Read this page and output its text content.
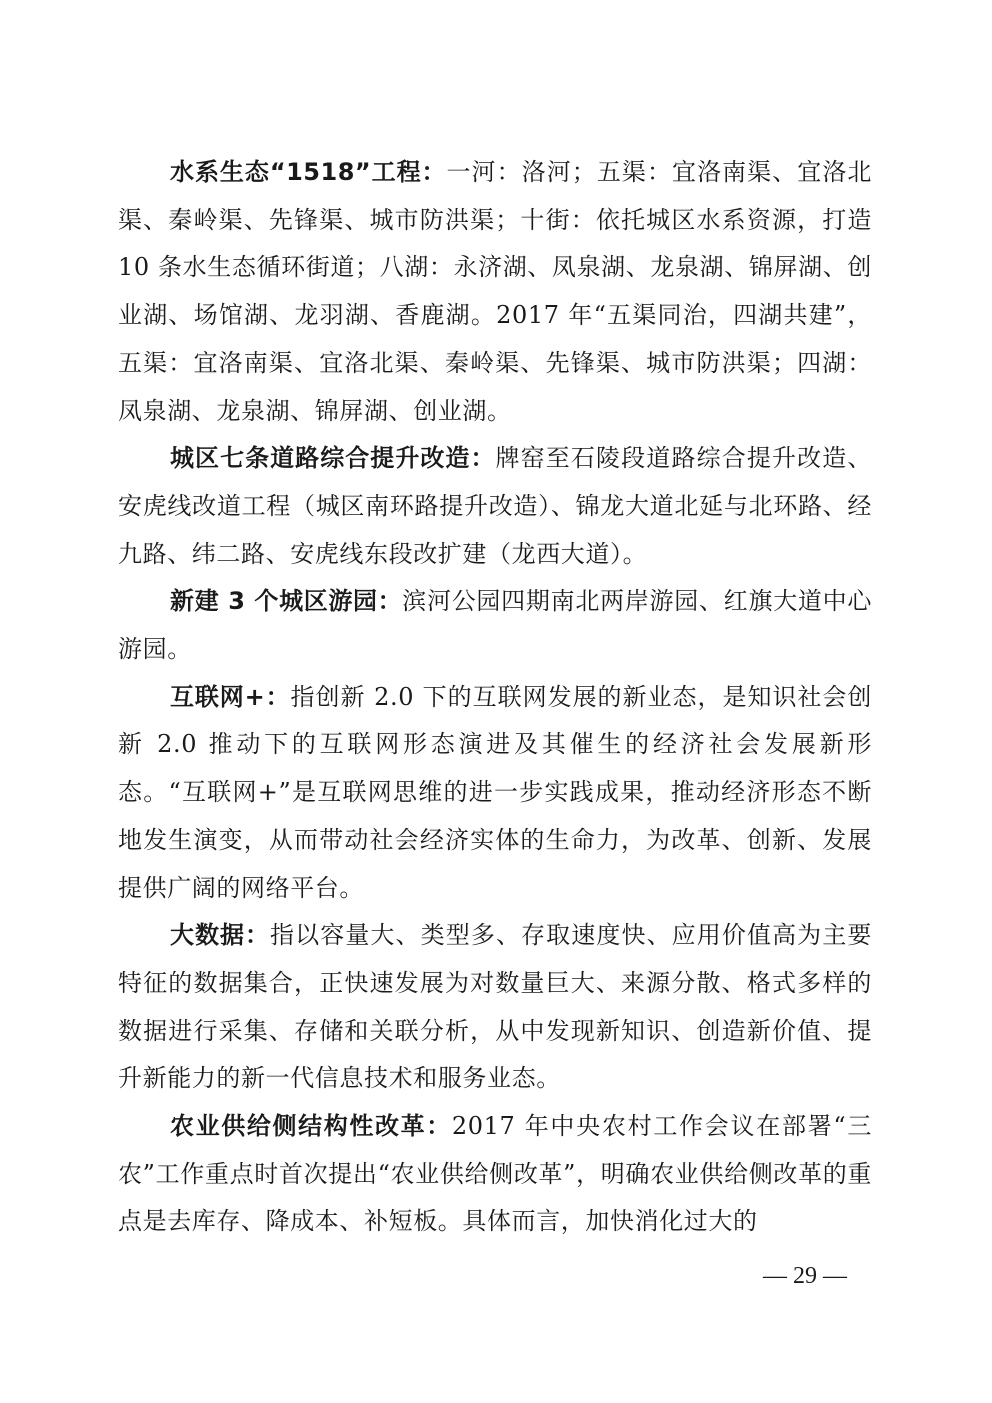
水系生态“1518”工程：一河：洛河；五渠：宜洛南渠、宜洛北渠、秦岭渠、先锋渠、城市防洪渠；十街：依托城区水系资源，打造 10 条水生态循环街道；八湖：永济湖、凤泉湖、龙泉湖、锦屏湖、创业湖、场馆湖、龙羽湖、香鹿湖。2017 年“五渠同治，四湖共建”，五渠：宜洛南渠、宜洛北渠、秦岭渠、先锋渠、城市防洪渠；四湖：凤泉湖、龙泉湖、锦屏湖、创业湖。

城区七条道路综合提升改造：牌窑至石陵段道路综合提升改造、安虎线改道工程（城区南环路提升改造）、锦龙大道北延与北环路、经九路、纬二路、安虎线东段改扩建（龙西大道）。

新建 3 个城区游园：滨河公园四期南北两岸游园、红旗大道中心游园。

互联网+：指创新 2.0 下的互联网发展的新业态，是知识社会创新 2.0 推动下的互联网形态演进及其催生的经济社会发展新形态。“互联网+”是互联网思维的进一步实践成果，推动经济形态不断地发生演变，从而带动社会经济实体的生命力，为改革、创新、发展提供广阔的网络平台。

大数据：指以容量大、类型多、存取速度快、应用价值高为主要特征的数据集合，正快速发展为对数量巨大、来源分散、格式多样的数据进行采集、存储和关联分析，从中发现新知识、创造新价值、提升新能力的新一代信息技术和服务业态。

农业供给侧结构性改革：2017 年中央农村工作会议在部署“三农”工作重点时首次提出“农业供给侧改革”，明确农业供给侧改革的重点是去库存、降成本、补短板。具体而言，加快消化过大的

— 29 —
